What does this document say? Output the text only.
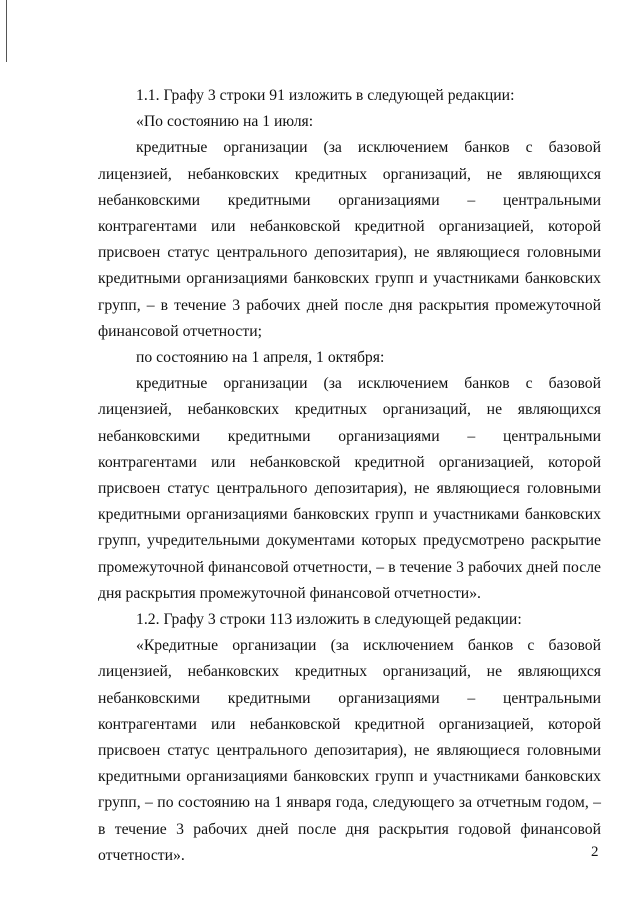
1.1. Графу 3 строки 91 изложить в следующей редакции:

«По состоянию на 1 июля:

кредитные организации (за исключением банков с базовой лицензией, небанковских кредитных организаций, не являющихся небанковскими кредитными организациями – центральными контрагентами или небанковской кредитной организацией, которой присвоен статус центрального депозитария), не являющиеся головными кредитными организациями банковских групп и участниками банковских групп, – в течение 3 рабочих дней после дня раскрытия промежуточной финансовой отчетности;

по состоянию на 1 апреля, 1 октября:

кредитные организации (за исключением банков с базовой лицензией, небанковских кредитных организаций, не являющихся небанковскими кредитными организациями – центральными контрагентами или небанковской кредитной организацией, которой присвоен статус центрального депозитария), не являющиеся головными кредитными организациями банковских групп и участниками банковских групп, учредительными документами которых предусмотрено раскрытие промежуточной финансовой отчетности, – в течение 3 рабочих дней после дня раскрытия промежуточной финансовой отчетности».

1.2. Графу 3 строки 113 изложить в следующей редакции:

«Кредитные организации (за исключением банков с базовой лицензией, небанковских кредитных организаций, не являющихся небанковскими кредитными организациями – центральными контрагентами или небанковской кредитной организацией, которой присвоен статус центрального депозитария), не являющиеся головными кредитными организациями банковских групп и участниками банковских групп, – по состоянию на 1 января года, следующего за отчетным годом, – в течение 3 рабочих дней после дня раскрытия годовой финансовой отчетности».	2
